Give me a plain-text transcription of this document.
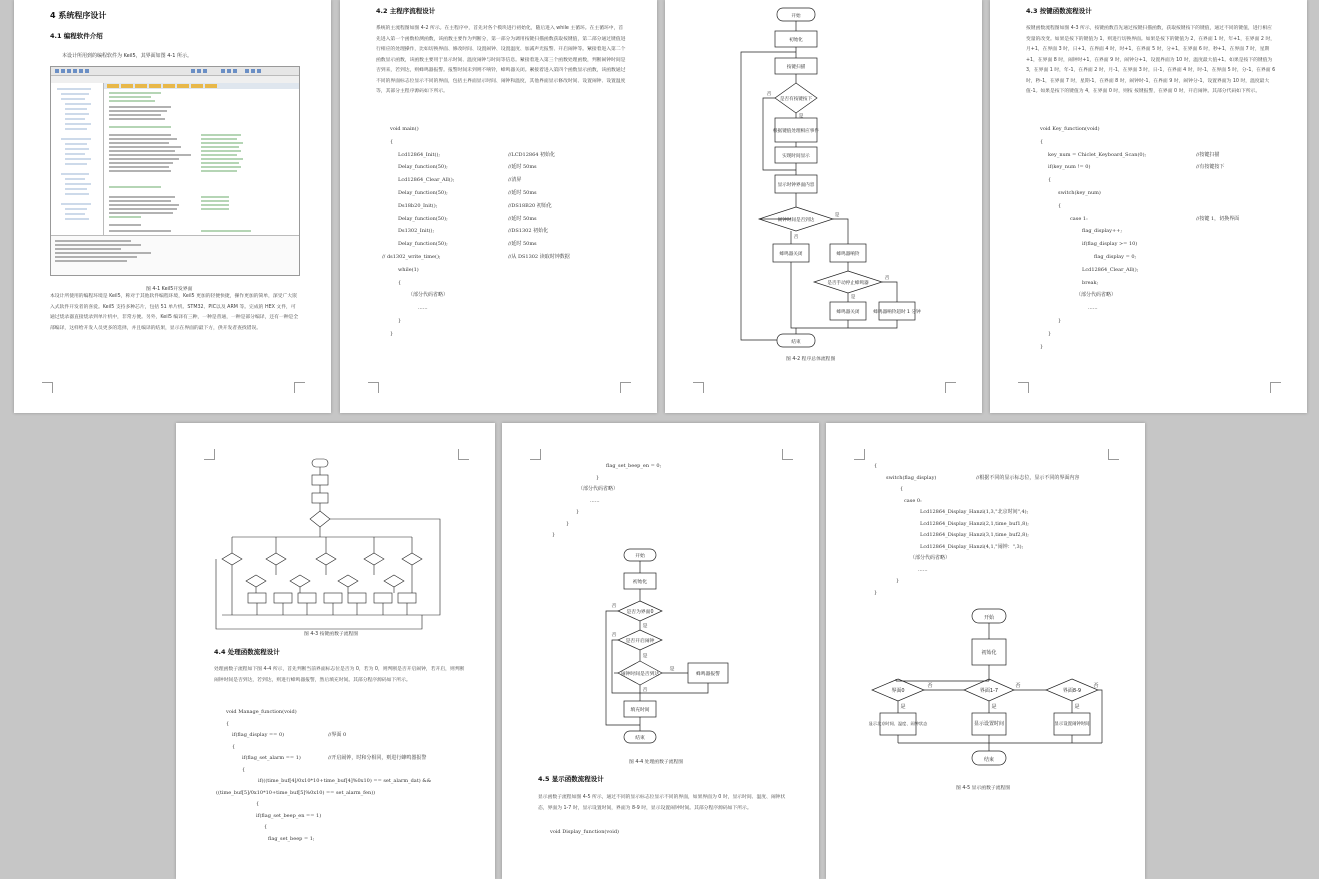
4 系统程序设计
4.1 编程软件介绍
本设计所用到的编程软件为 Keil5，其界面如图 4-1 所示。
图 4-1 Keil5开发界面
本设计所使用的编程环境是 Keil5，称对于其他软件编程环境，Keil5 更加的轻便快捷，操作更加的简单，深受广大嵌入式软件开发者的喜爱。Keil5 支持多种芯片，包括 51 单片机、STM32、PIC以及 ARM 等。完成的 HEX 文件，可通过烧录器直接烧录到单片机中，非常方便。另外，Keil5 编译有三种，一种是普通，一种是部分编译，还有一种是全部编译，这样给开发人员更多的选择，并且编译的结果，显示在界面的最下方，供开发者查找错误。
4.2 主程序流程设计
系统的主流程图如图 4-2 所示。在主程序中，首先对各个模块进行初始化，随后进入 while 主循环。在主循环中，首先进入第一个函数检测函数，该函数主要作为判断分，第一部分为调用按键扫描函数获取按键值，第二部分通过键值进行相应的处理操作，比如切换界面、修改时间、设置闹钟、设置温度、加减声光报警、开启闹钟等。紧接着进入第二个函数显示函数，该函数主要用于显示时间、温度闹钟与时间等信息。紧接着进入第三个函数处理函数，判断闹钟时间是否到来，若到达，则蜂鸣器报警。报警时间未到则不响铃，蜂鸣器关闭。紧接着进入第四个函数显示函数，该函数通过不同的界面标志位显示不同的界面，包括主界面显示时间、闹钟和温度，其他界面显示修改时间、设置闹钟、设置温度等，其部分主程序源码如下所示。
void main()
{
Lcd12864_Init();	//LCD12864 初始化
Delay_function(50);	//延时 50ms
Lcd12864_Clear_All();	//清屏
Delay_function(50);	//延时 50ms
Ds18b20_Init();	//DS18B20 初始化
Delay_function(50);	//延时 50ms
Ds1302_Init();	//DS1302 初始化
Delay_function(50);	//延时 50ms
// ds1302_write_time();	//从 DS1302 读取时钟数据
while(1)
{
（部分代码省略）
......
}
}
开始
初始化
按键扫描
是否有按键按下
根据键值处理相应事件
实现时间显示
显示时钟界面内容
闹钟时间是否到达
蜂鸣器关闭	蜂鸣器响铃
是否手动停止蜂鸣器
蜂鸣器关闭	蜂鸣器响铃超时 1 分钟
结束
否
是
是
否
是
否
图 4-2 程序总体流程图
4.3 按键函数流程设计
按键函数流程图如图 4-3 所示，按键函数首先通过按键扫描函数，获取按键按下的键值，通过不同的键值，进行相应变量的改变。如果是按下的键值为 1，则进行切换界面。如果是按下的键值为 2，在界面 1 时，年+1，在界面 2 时，月+1，在界面 3 时，日+1，在界面 4 时，时+1，在界面 5 时，分+1，在界面 6 时，秒+1，在界面 7 时，星期+1，在界面 8 时，闹钟时+1，在界面 9 时，闹钟分+1，设置界面为 10 时，温度最大值+1。如果是按下的键值为 3，在界面 1 时，年-1，在界面 2 时，月-1，在界面 3 时，日-1，在界面 4 时，时-1，在界面 5 时，分-1，在界面 6 时，秒-1，在界面 7 时，星期-1，在界面 8 时，闹钟时-1，在界面 9 时，闹钟分-1，设置界面为 10 时，温度最大值-1。如果是按下的键值为 4，在界面 0 时，则按 按键报警，在界面 0 时，开启闹钟。其部分代码如下所示。
void Key_function(void)
{
key_num = Chiclet_Keyboard_Scan(0);	//按键扫描
if(key_num != 0)	//有按键按下
{
switch(key_num)
{
case 1:	//按键 1，切换界面
flag_display++;
if(flag_display >= 10)
flag_display = 0;
Lcd12864_Clear_All();
break;
（部分代码省略）
......
}
}
}
图 4-3 按键函数子流程图
4.4 处理函数流程设计
处理函数子流程如下图 4-4 所示，首先判断当前界面标志位是否为 0，若为 0，则判断是否开启闹钟，若开启，则判断闹钟时间是否到达，若到达，则进行蜂鸣器报警，然后填充时间。其部分程序源码如下所示。
void Manage_function(void)
{
if(flag_display == 0)	//界面 0
{
if(flag_set_alarm == 1)	//开启闹钟，时和分相同，则进行蜂鸣器报警
{
if(((time_buf[4]/0x10*10+time_buf[4]%0x10) == set_alarm_dat) &&
((time_buf[5]/0x10*10+time_buf[5]%0x10) == set_alarm_fen))
{
if(flag_set_beep_en == 1)
{
flag_set_beep = 1;
开始
初始化
是否为界面0
是否开启闹钟
闹钟时间是否到达	蜂鸣器报警
填充时间
结束
否
是
否
是
是
否
图 4-4 处理函数子流程图
4.5 显示函数流程设计
显示函数子流程如图 4-5 所示，通过不同的显示标志位显示不同的界面，如果界面为 0 时，显示时间、温度、闹钟状态，界面为 1-7 时，显示设置时间，界面为 8-9 时，显示设置闹钟时间。其部分程序源码如下所示。
void Display_function(void)
flag_set_beep_en = 0;
}
（部分代码省略）
......
}
}
}
开始
初始化
界面0	界面1-7	界面8-9
显示北京时间、温度、闹钟状态	显示设置时间	显示设置闹钟时间
结束
否	否	否
是	是	是
图 4-5 显示函数子流程图
{
switch(flag_display)	//根据不同的显示标志位，显示不同的界面内容
{
case 0:
Lcd12864_Display_Hanzi(1,3,"北京时间",4);
Lcd12864_Display_Hanzi(2,1,time_buf1,8);
Lcd12864_Display_Hanzi(3,1,time_buf2,8);
Lcd12864_Display_Hanzi(4,1,"闹钟：",3);
（部分代码省略）
......
}
}
